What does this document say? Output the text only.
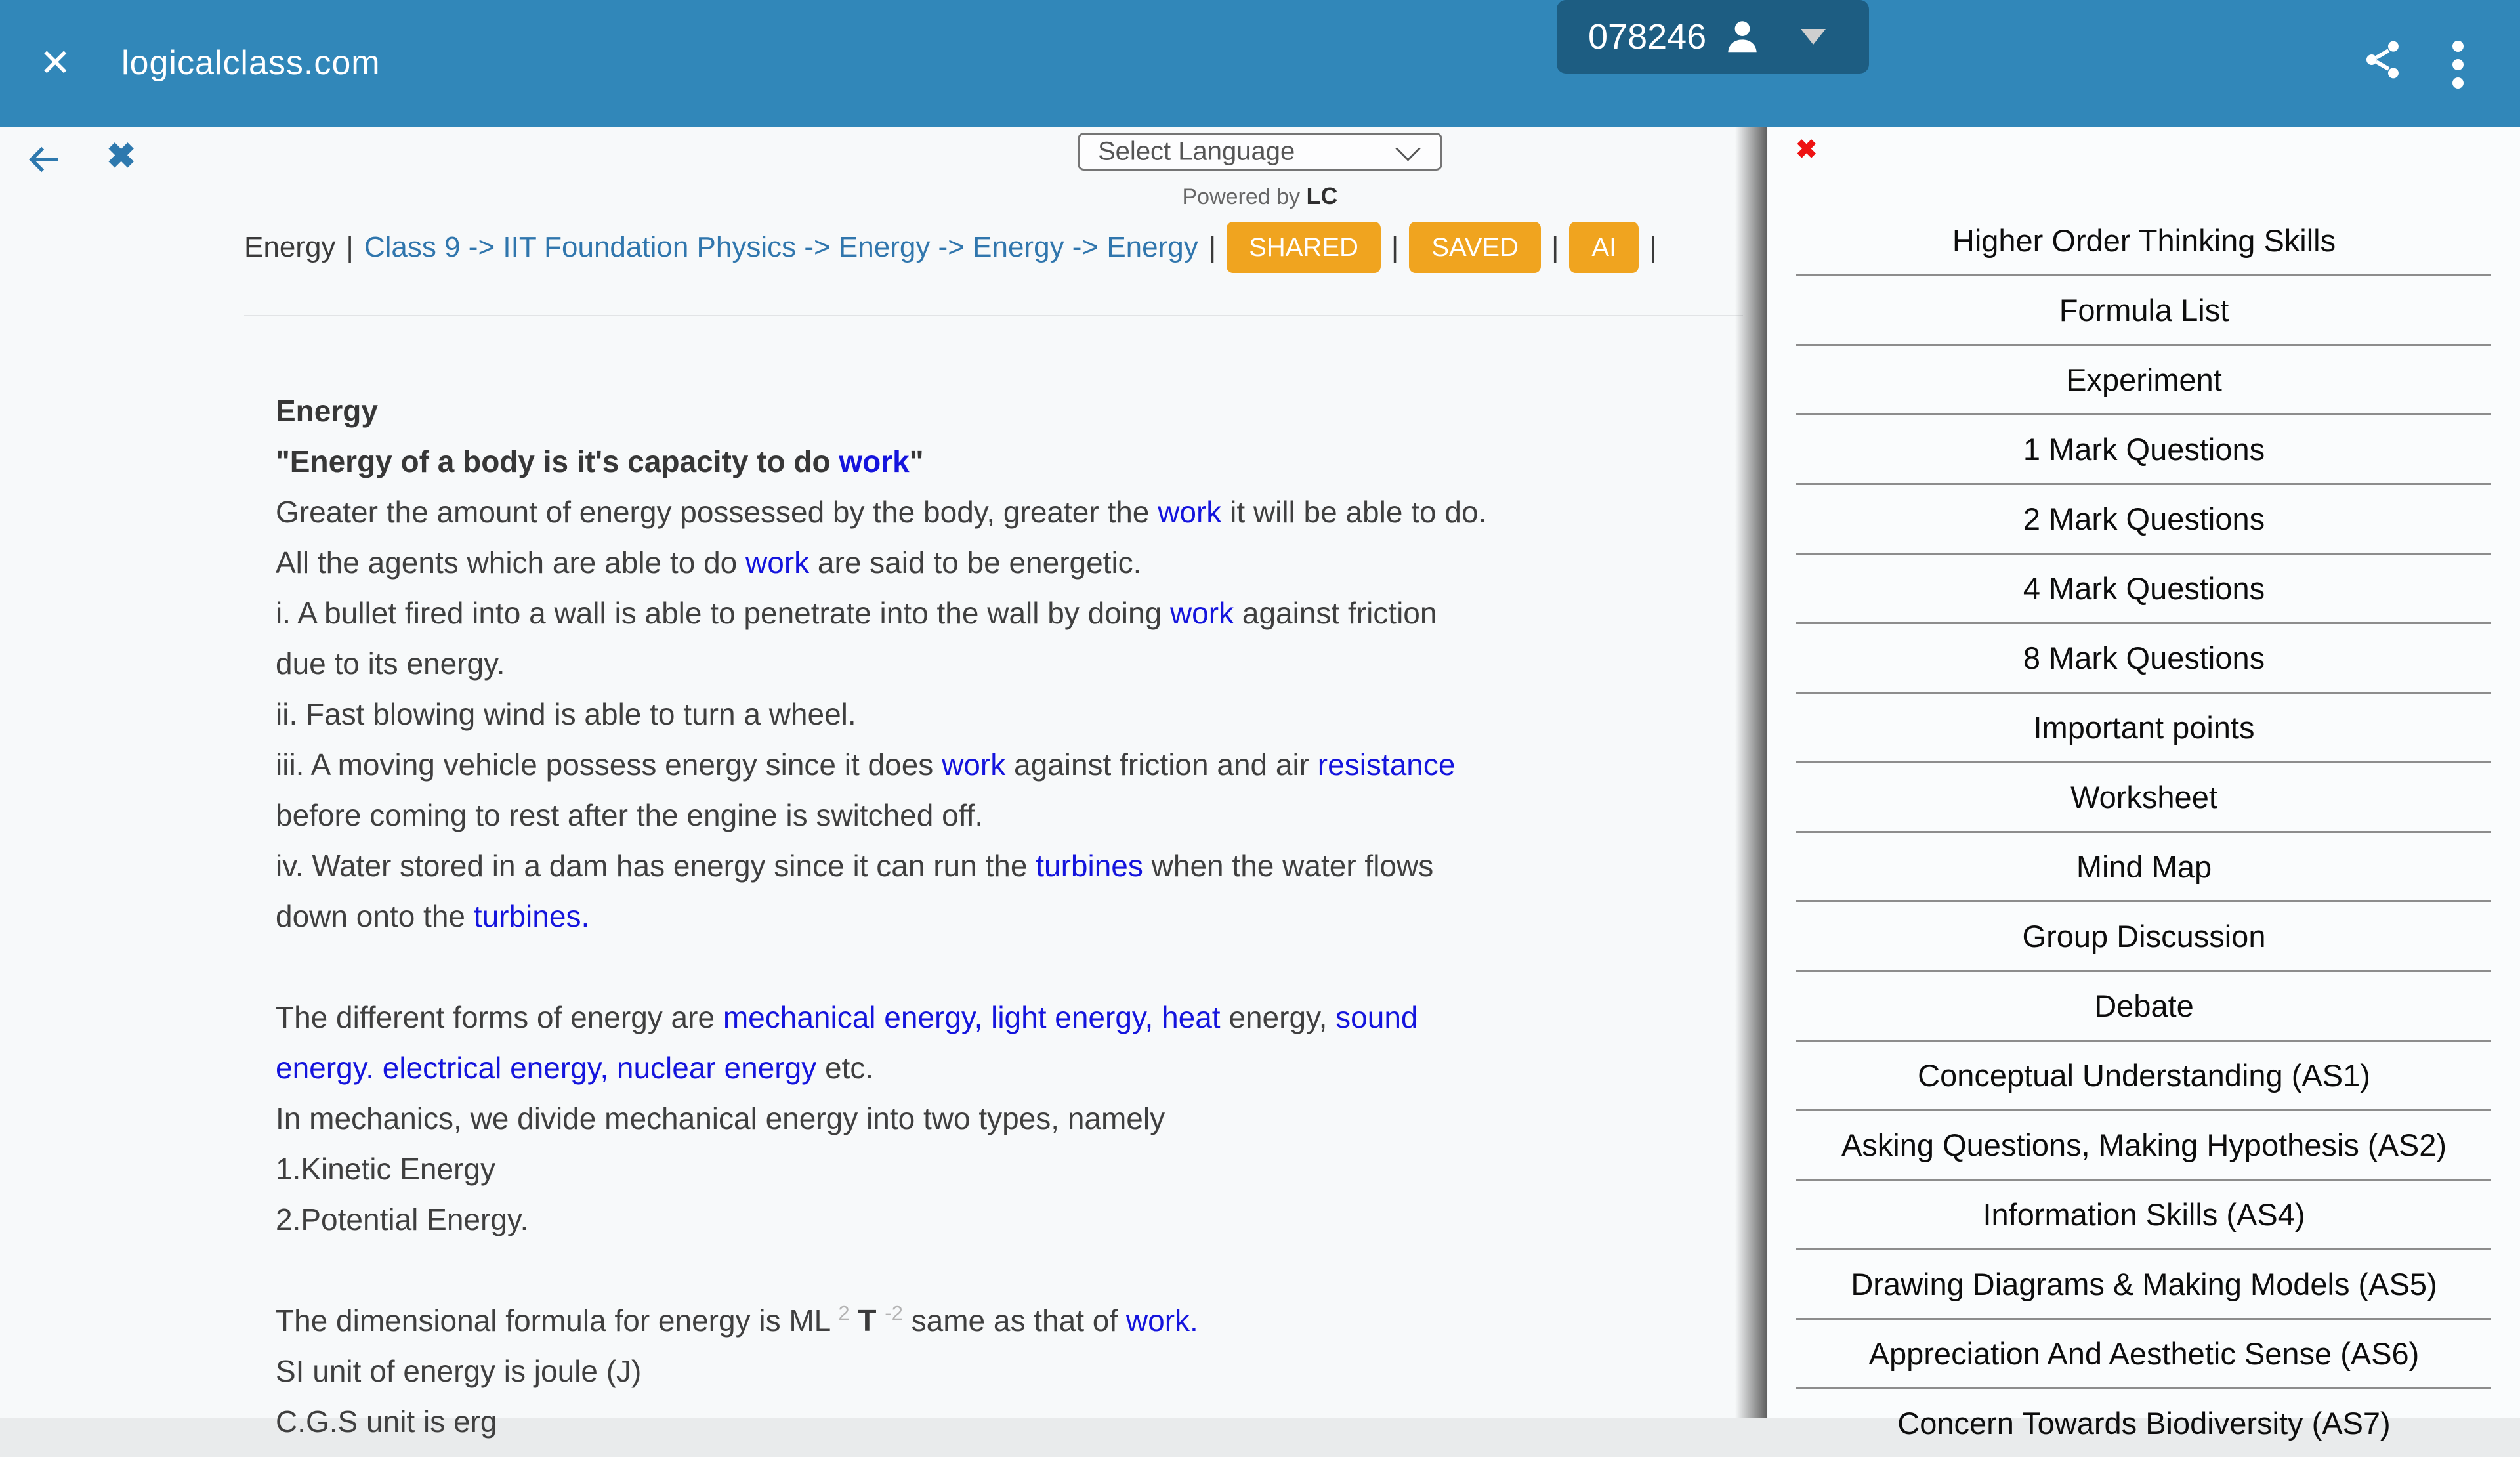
✕ logicalclass.com
078246
✖	Select Language
Powered by LC
Energy | Class 9 -> IIT Foundation Physics -> Energy -> Energy -> Energy |	SHARED	|	SAVED	|	AI	|
Energy
"Energy of a body is it's capacity to do work"
Greater the amount of energy possessed by the body, greater the work it will be able to do.
All the agents which are able to do work are said to be energetic.
i. A bullet fired into a wall is able to penetrate into the wall by doing work against friction
due to its energy.
ii. Fast blowing wind is able to turn a wheel.
iii. A moving vehicle possess energy since it does work against friction and air resistance
before coming to rest after the engine is switched off.
iv. Water stored in a dam has energy since it can run the turbines when the water flows
down onto the turbines.

The different forms of energy are mechanical energy, light energy, heat energy, sound
energy. electrical energy, nuclear energy etc.
In mechanics, we divide mechanical energy into two types, namely
1.Kinetic Energy
2.Potential Energy.

The dimensional formula for energy is ML $^2$ T $^{-2}$ same as that of work.
SI unit of energy is joule (J)
C.G.S unit is erg
✖
Higher Order Thinking Skills
Formula List
Experiment
1 Mark Questions
2 Mark Questions
4 Mark Questions
8 Mark Questions
Important points
Worksheet
Mind Map
Group Discussion
Debate
Conceptual Understanding (AS1)
Asking Questions, Making Hypothesis (AS2)
Information Skills (AS4)
Drawing Diagrams & Making Models (AS5)
Appreciation And Aesthetic Sense (AS6)
Concern Towards Biodiversity (AS7)
